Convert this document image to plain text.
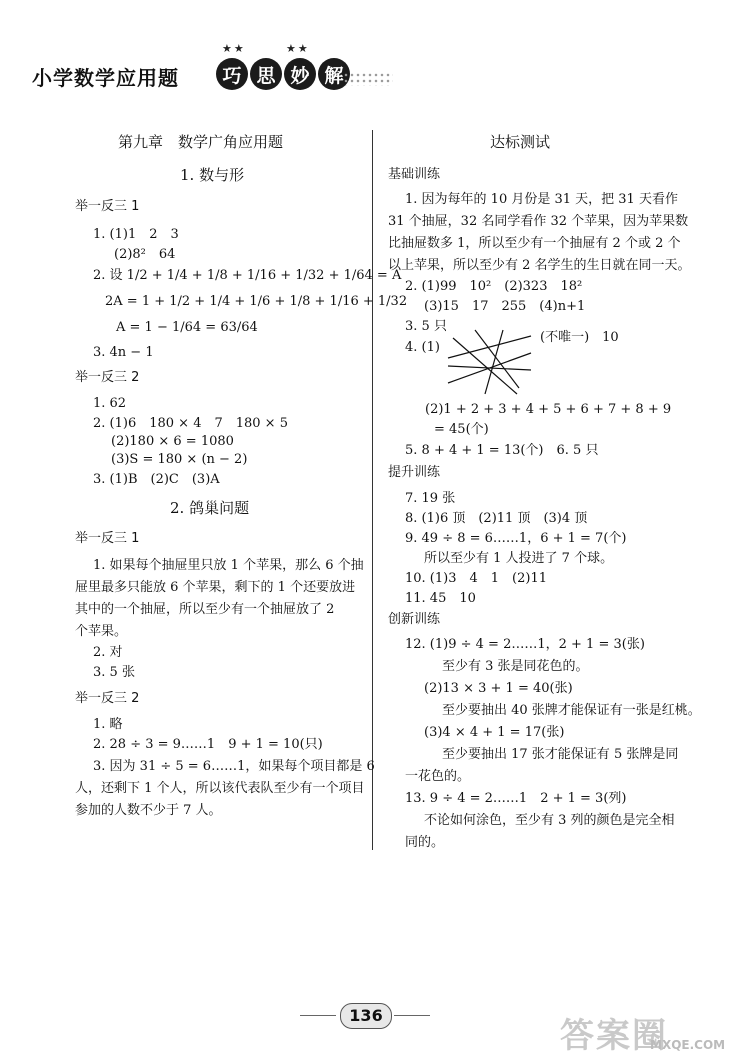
小学数学应用题	巧 思 妙 解
★★	★★
第九章　数学广角应用题
1. 数与形
举一反三 1
1. (1)1　2　3
(2)8²　64
2. 设 1/2 + 1/4 + 1/8 + 1/16 + 1/32 + 1/64 = A
2A = 1 + 1/2 + 1/4 + 1/6 + 1/8 + 1/16 + 1/32
A = 1 − 1/64 = 63/64
3. 4n − 1
举一反三 2
1. 62
2. (1)6　180 × 4　7　180 × 5
(2)180 × 6 = 1080
(3)S = 180 × (n − 2)
3. (1)B　(2)C　(3)A
2. 鸽巢问题
举一反三 1
1. 如果每个抽屉里只放 1 个苹果，那么 6 个抽
屉里最多只能放 6 个苹果，剩下的 1 个还要放进
其中的一个抽屉，所以至少有一个抽屉放了 2
个苹果。
2. 对
3. 5 张
举一反三 2
1. 略
2. 28 ÷ 3 = 9……1　9 + 1 = 10(只)
3. 因为 31 ÷ 5 = 6……1，如果每个项目都是 6
人，还剩下 1 个人，所以该代表队至少有一个项目
参加的人数不少于 7 人。
达标测试
基础训练
1. 因为每年的 10 月份是 31 天，把 31 天看作
31 个抽屉，32 名同学看作 32 个苹果，因为苹果数
比抽屉数多 1，所以至少有一个抽屉有 2 个或 2 个
以上苹果，所以至少有 2 名学生的生日就在同一天。
2. (1)99　10²　(2)323　18²
(3)15　17　255　(4)n+1
3. 5 只
4. (1)
(不唯一)　10
(2)1 + 2 + 3 + 4 + 5 + 6 + 7 + 8 + 9
= 45(个)
5. 8 + 4 + 1 = 13(个)　6. 5 只
提升训练
7. 19 张
8. (1)6 顶　(2)11 顶　(3)4 顶
9. 49 ÷ 8 = 6……1，6 + 1 = 7(个)
所以至少有 1 人投进了 7 个球。
10. (1)3　4　1　(2)11
11. 45　10
创新训练
12. (1)9 ÷ 4 = 2……1，2 + 1 = 3(张)
至少有 3 张是同花色的。
(2)13 × 3 + 1 = 40(张)
至少要抽出 40 张牌才能保证有一张是红桃。
(3)4 × 4 + 1 = 17(张)
至少要抽出 17 张才能保证有 5 张牌是同
一花色的。
13. 9 ÷ 4 = 2……1　2 + 1 = 3(列)
不论如何涂色，至少有 3 列的颜色是完全相
同的。
136
答案圈
MXQE.COM
